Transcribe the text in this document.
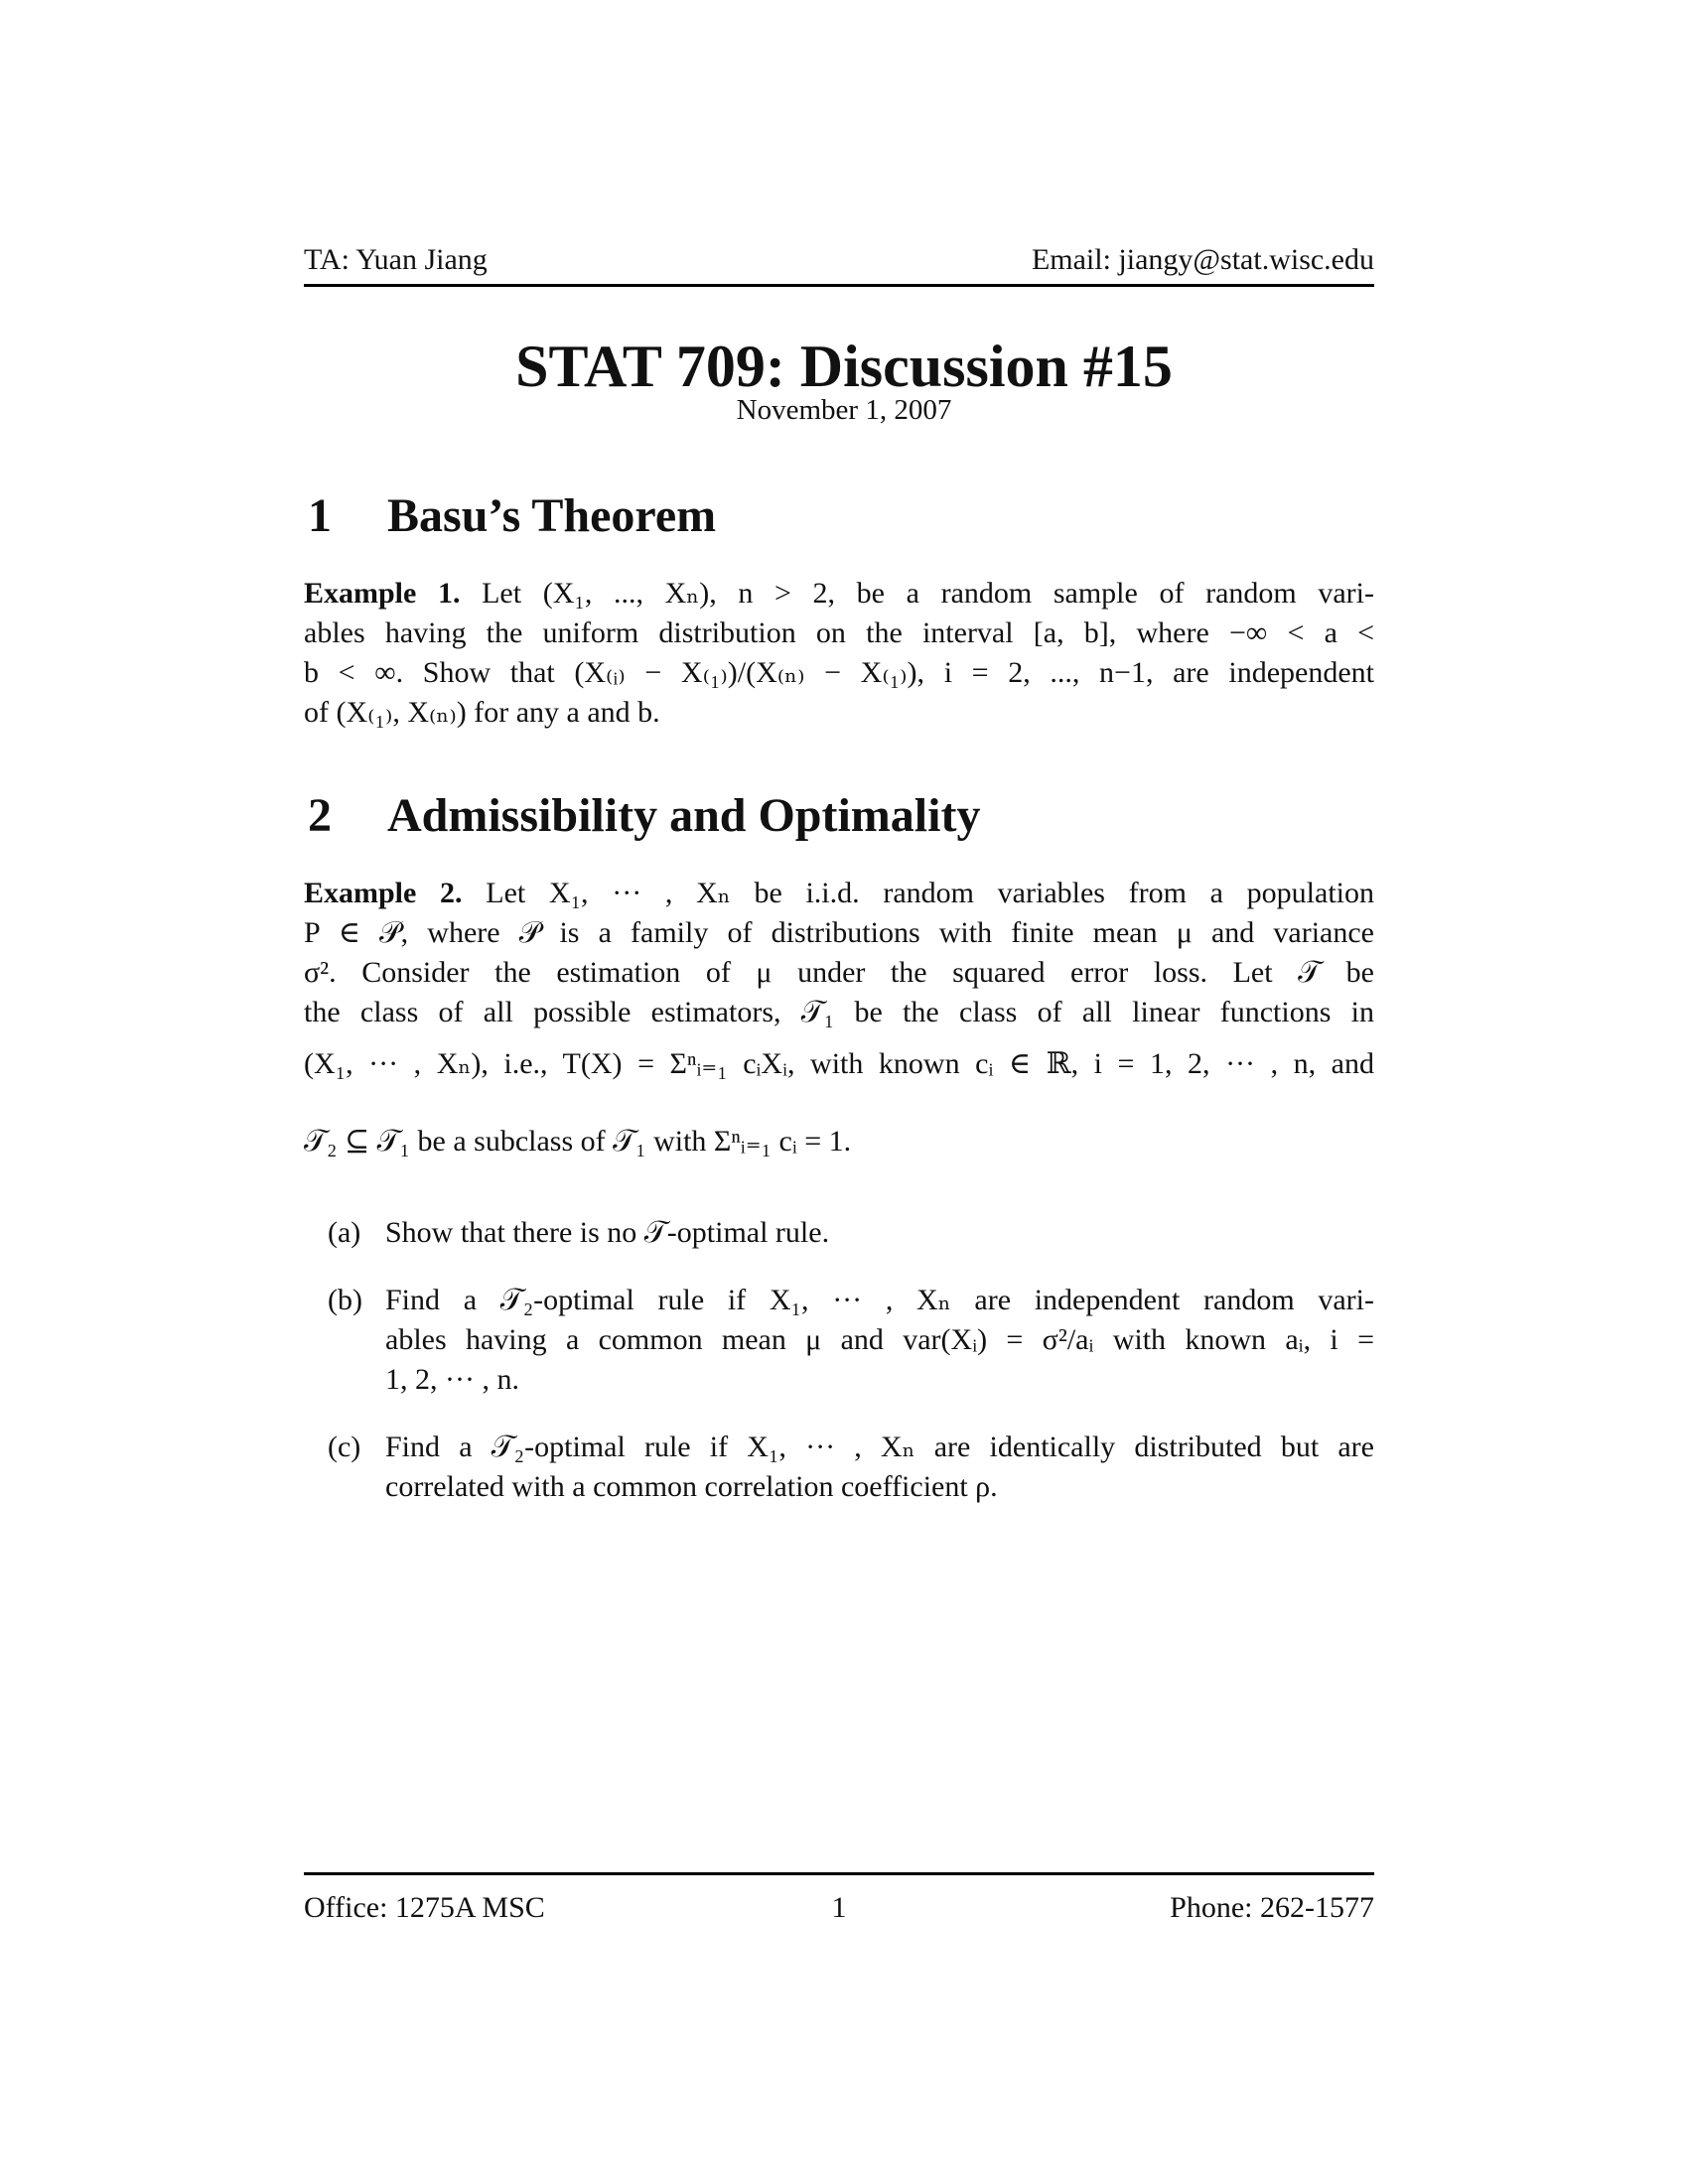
TA: Yuan Jiang	Email: jiangy@stat.wisc.edu
STAT 709: Discussion #15
November 1, 2007
1 Basu’s Theorem
Example 1. Let (X₁, ..., Xₙ), n > 2, be a random sample of random vari-
ables having the uniform distribution on the interval [a, b], where −∞ < a <
b < ∞. Show that (X₍ᵢ₎ − X₍₁₎)/(X₍ₙ₎ − X₍₁₎), i = 2, ..., n−1, are independent
of (X₍₁₎, X₍ₙ₎) for any a and b.
2 Admissibility and Optimality
Example 2. Let X₁, ··· , Xₙ be i.i.d. random variables from a population
P ∈ 𝒫, where 𝒫 is a family of distributions with finite mean μ and variance
σ². Consider the estimation of μ under the squared error loss. Let 𝒯 be
the class of all possible estimators, 𝒯₁ be the class of all linear functions in
(X₁, ··· , Xₙ), i.e., T(X) = Σⁿᵢ₌₁ cᵢXᵢ, with known cᵢ ∈ ℝ, i = 1, 2, ··· , n, and
𝒯₂ ⊆ 𝒯₁ be a subclass of 𝒯₁ with Σⁿᵢ₌₁ cᵢ = 1.
(a) Show that there is no 𝒯-optimal rule.
(b) Find a 𝒯₂-optimal rule if X₁, ··· , Xₙ are independent random vari-
ables having a common mean μ and var(Xᵢ) = σ²/aᵢ with known aᵢ, i =
1, 2, ··· , n.
(c) Find a 𝒯₂-optimal rule if X₁, ··· , Xₙ are identically distributed but are
correlated with a common correlation coefficient ρ.
Office: 1275A MSC	1	Phone: 262-1577
